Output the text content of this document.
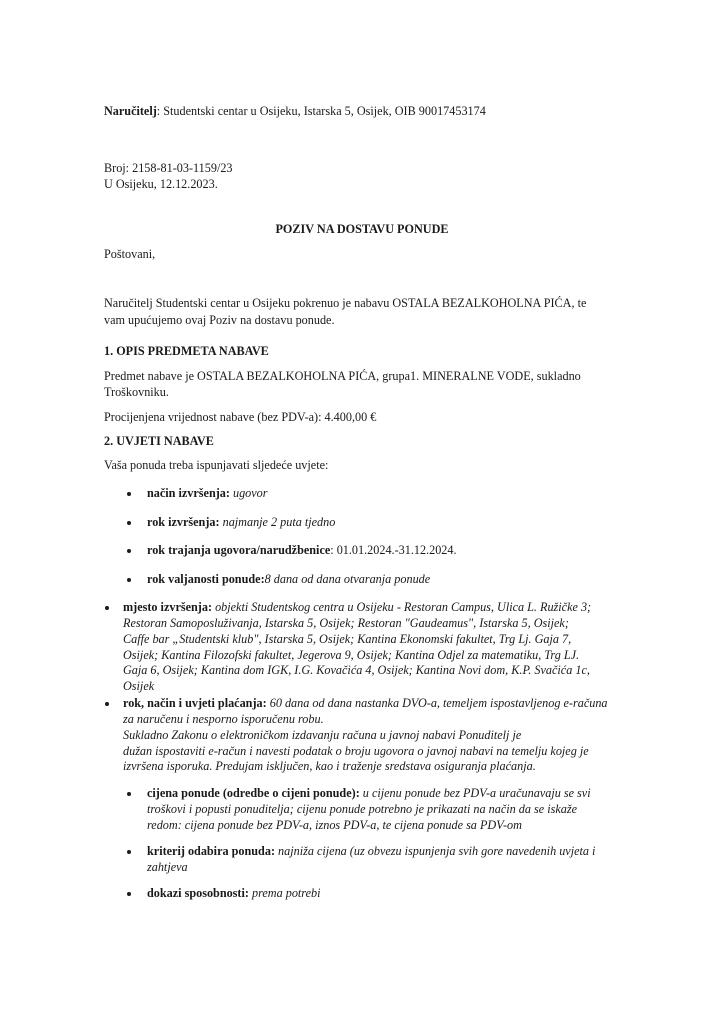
Naručitelj: Studentski centar u Osijeku, Istarska 5, Osijek, OIB 90017453174
Broj: 2158-81-03-1159/23
U Osijeku, 12.12.2023.
POZIV NA DOSTAVU PONUDE
Poštovani,
Naručitelj Studentski centar u Osijeku pokrenuo je nabavu OSTALA BEZALKOHOLNA PIĆA, te
vam upućujemo ovaj Poziv na dostavu ponude.
1. OPIS PREDMETA NABAVE
Predmet nabave je OSTALA BEZALKOHOLNA PIĆA, grupa1. MINERALNE VODE, sukladno
Troškovniku.
Procijenjena vrijednost nabave (bez PDV-a): 4.400,00 €
2. UVJETI NABAVE
Vaša ponuda treba ispunjavati sljedeće uvjete:
način izvršenja: ugovor
rok izvršenja: najmanje 2 puta tjedno
rok trajanja ugovora/narudžbenice: 01.01.2024.-31.12.2024.
rok valjanosti ponude:8 dana od dana otvaranja ponude
mjesto izvršenja: objekti Studentskog centra u Osijeku - Restoran Campus, Ulica L. Ružičke 3;
Restoran Samoposluživanja, Istarska 5, Osijek; Restoran "Gaudeamus", Istarska 5, Osijek;
Caffe bar „Studentski klub", Istarska 5, Osijek; Kantina Ekonomski fakultet, Trg Lj. Gaja 7,
Osijek; Kantina Filozofski fakultet, Jegerova 9, Osijek; Kantina Odjel za matematiku, Trg LJ.
Gaja 6, Osijek; Kantina dom IGK, I.G. Kovačića 4, Osijek; Kantina Novi dom, K.P. Svačića 1c,
Osijek
rok, način i uvjeti plaćanja: 60 dana od dana nastanka DVO-a, temeljem ispostavljenog e-računa
za naručenu i nesporno isporučenu robu.
Sukladno Zakonu o elektroničkom izdavanju računa u javnoj nabavi Ponuditelj je
dužan ispostaviti e-račun i navesti podatak o broju ugovora o javnoj nabavi na temelju kojeg je
izvršena isporuka. Predujam isključen, kao i traženje sredstava osiguranja plaćanja.
cijena ponude (odredbe o cijeni ponude): u cijenu ponude bez PDV-a uračunavaju se svi
troškovi i popusti ponuditelja; cijenu ponude potrebno je prikazati na način da se iskaže
redom: cijena ponude bez PDV-a, iznos PDV-a, te cijena ponude sa PDV-om
kriterij odabira ponuda: najniža cijena (uz obvezu ispunjenja svih gore navedenih uvjeta i
zahtjeva
dokazi sposobnosti: prema potrebi
